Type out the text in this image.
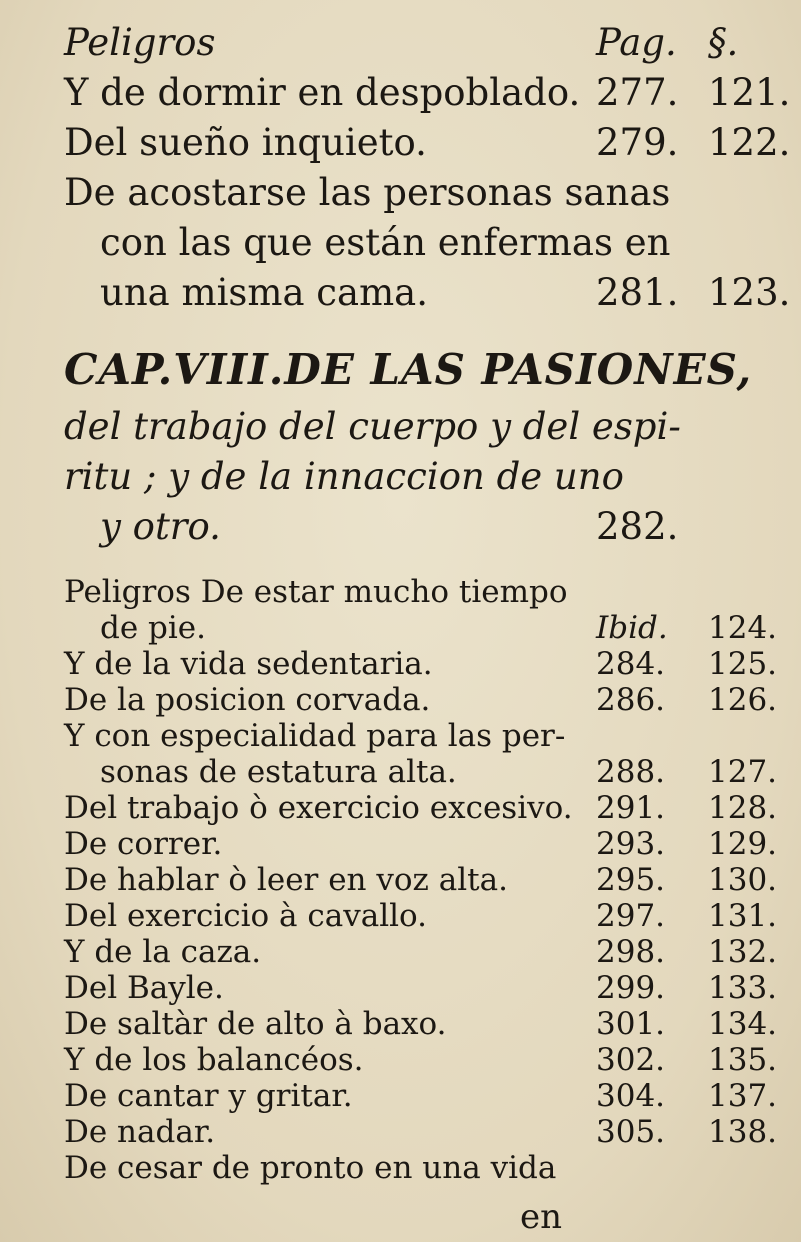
Peligros	Pag. §.
Y de dormir en despoblado. 277. 121.
Del sueño inquieto.	279. 122.
De acostarse las personas sanas
con las que están enfermas en
una misma cama.	281. 123.
CAP.VIII.DE LAS PASIONES,
del trabajo del cuerpo y del espi-
ritu ; y de la innaccion de uno
y otro.	282.
en
Peligros De estar mucho tiempo
de pie.	Ibid. 124.
Y de la vida sedentaria.	284. 125.
De la posicion corvada.	286. 126.
Y con especialidad para las per-
sonas de estatura alta.	288. 127.
Del trabajo ò exercicio excesivo. 291. 128.
De correr.	293. 129.
De hablar ò leer en voz alta.	295. 130.
Del exercicio à cavallo.	297. 131.
Y de la caza.	298. 132.
Del Bayle.	299. 133.
De saltàr de alto à baxo.	301. 134.
Y de los balancéos.	302. 135.
De cantar y gritar.	304. 137.
De nadar.	305. 138.
De cesar de pronto en una vida
